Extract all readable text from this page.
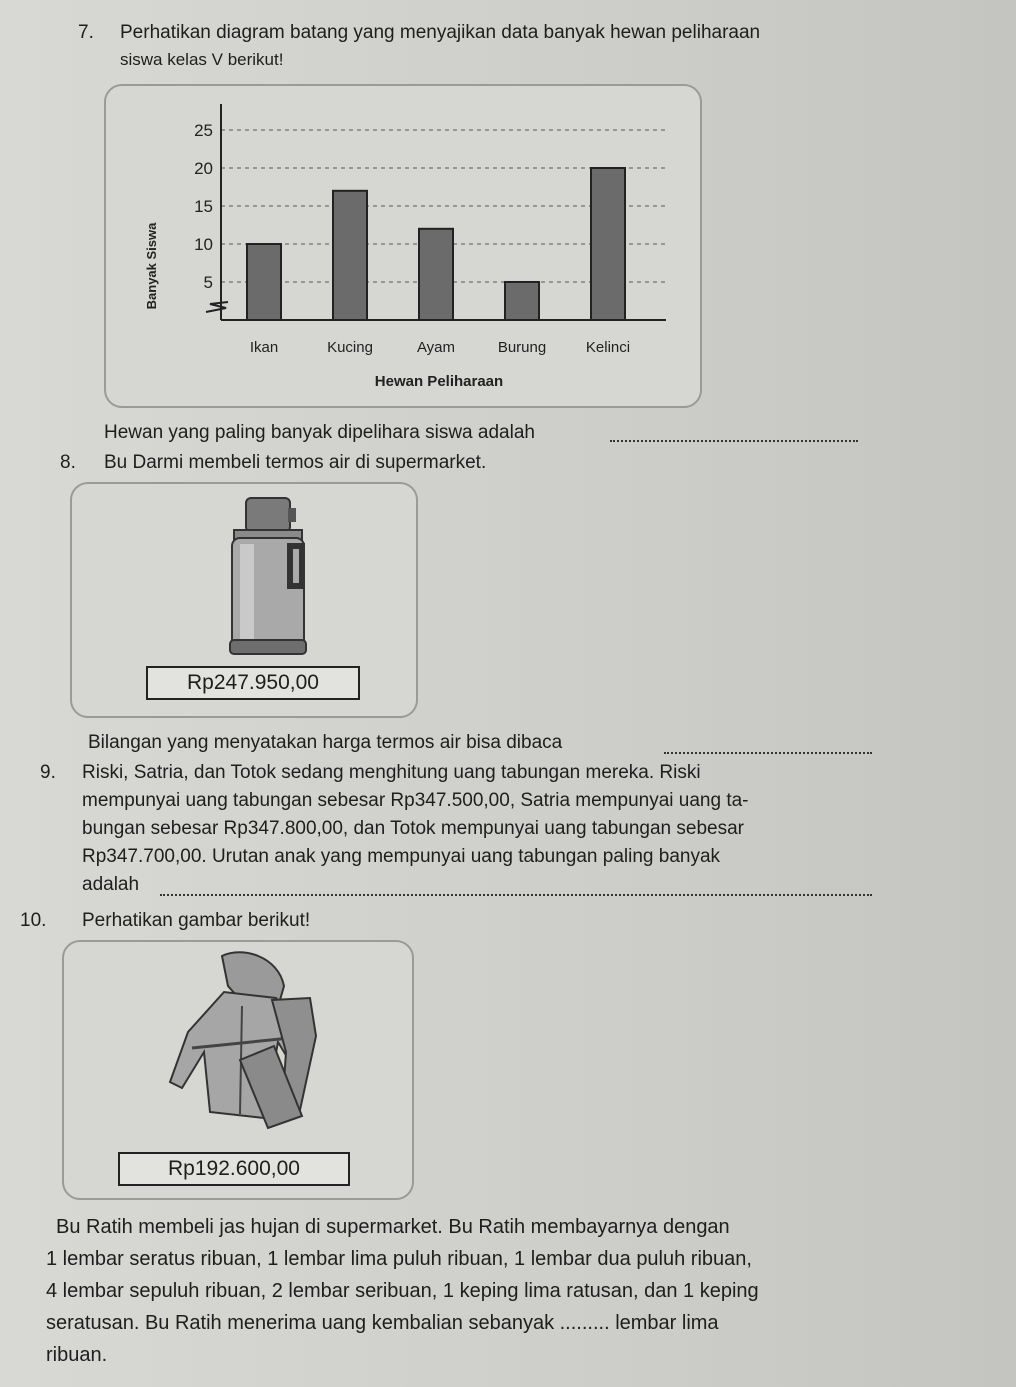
7. Perhatikan diagram batang yang menyajikan data banyak hewan peliharaan
siswa kelas V berikut!
5
10
15
20
25
Ikan	Kucing	Ayam	Burung	Kelinci
Banyak Siswa
Hewan Peliharaan
Hewan yang paling banyak dipelihara siswa adalah
8. Bu Darmi membeli termos air di supermarket.
Rp247.950,00
Bilangan yang menyatakan harga termos air bisa dibaca
9. Riski, Satria, dan Totok sedang menghitung uang tabungan mereka. Riski
mempunyai uang tabungan sebesar Rp347.500,00, Satria mempunyai uang ta-
bungan sebesar Rp347.800,00, dan Totok mempunyai uang tabungan sebesar
Rp347.700,00. Urutan anak yang mempunyai uang tabungan paling banyak
adalah
10. Perhatikan gambar berikut!
Rp192.600,00
Bu Ratih membeli jas hujan di supermarket. Bu Ratih membayarnya dengan
1 lembar seratus ribuan, 1 lembar lima puluh ribuan, 1 lembar dua puluh ribuan,
4 lembar sepuluh ribuan, 2 lembar seribuan, 1 keping lima ratusan, dan 1 keping
seratusan. Bu Ratih menerima uang kembalian sebanyak ......... lembar lima
ribuan.
